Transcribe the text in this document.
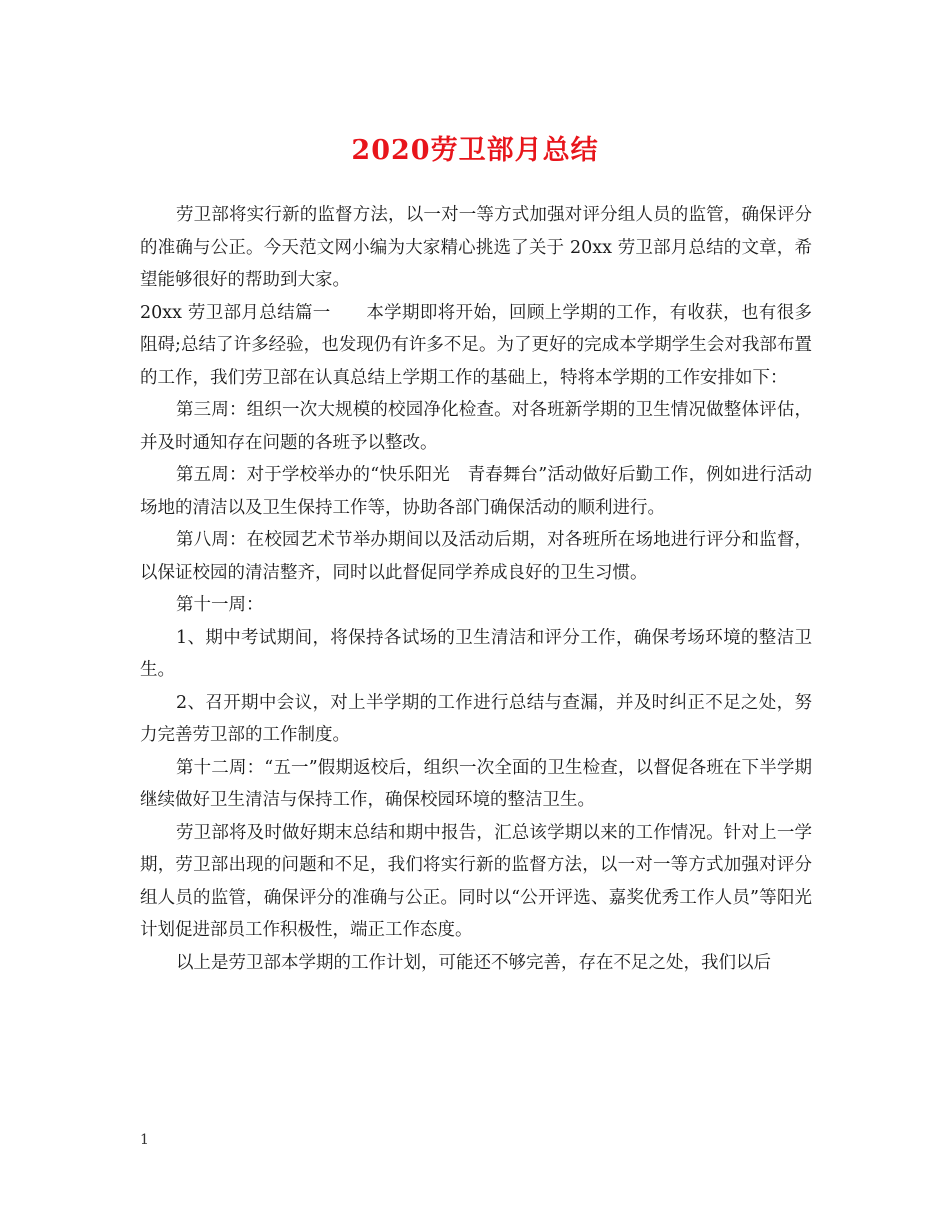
2020劳卫部月总结

劳卫部将实行新的监督方法，以一对一等方式加强对评分组人员的监管，确保评分的准确与公正。今天范文网小编为大家精心挑选了关于 20xx 劳卫部月总结的文章，希望能够很好的帮助到大家。

20xx 劳卫部月总结篇一　　本学期即将开始，回顾上学期的工作，有收获，也有很多阻碍;总结了许多经验，也发现仍有许多不足。为了更好的完成本学期学生会对我部布置的工作，我们劳卫部在认真总结上学期工作的基础上，特将本学期的工作安排如下：

第三周：组织一次大规模的校园净化检查。对各班新学期的卫生情况做整体评估，并及时通知存在问题的各班予以整改。

第五周：对于学校举办的“快乐阳光　青春舞台”活动做好后勤工作，例如进行活动场地的清洁以及卫生保持工作等，协助各部门确保活动的顺利进行。

第八周：在校园艺术节举办期间以及活动后期，对各班所在场地进行评分和监督，以保证校园的清洁整齐，同时以此督促同学养成良好的卫生习惯。

第十一周：

1、期中考试期间，将保持各试场的卫生清洁和评分工作，确保考场环境的整洁卫生。

2、召开期中会议，对上半学期的工作进行总结与查漏，并及时纠正不足之处，努力完善劳卫部的工作制度。

第十二周：“五一”假期返校后，组织一次全面的卫生检查，以督促各班在下半学期继续做好卫生清洁与保持工作，确保校园环境的整洁卫生。

劳卫部将及时做好期末总结和期中报告，汇总该学期以来的工作情况。针对上一学期，劳卫部出现的问题和不足，我们将实行新的监督方法，以一对一等方式加强对评分组人员的监管，确保评分的准确与公正。同时以“公开评选、嘉奖优秀工作人员”等阳光计划促进部员工作积极性，端正工作态度。

以上是劳卫部本学期的工作计划，可能还不够完善，存在不足之处，我们以后

1
